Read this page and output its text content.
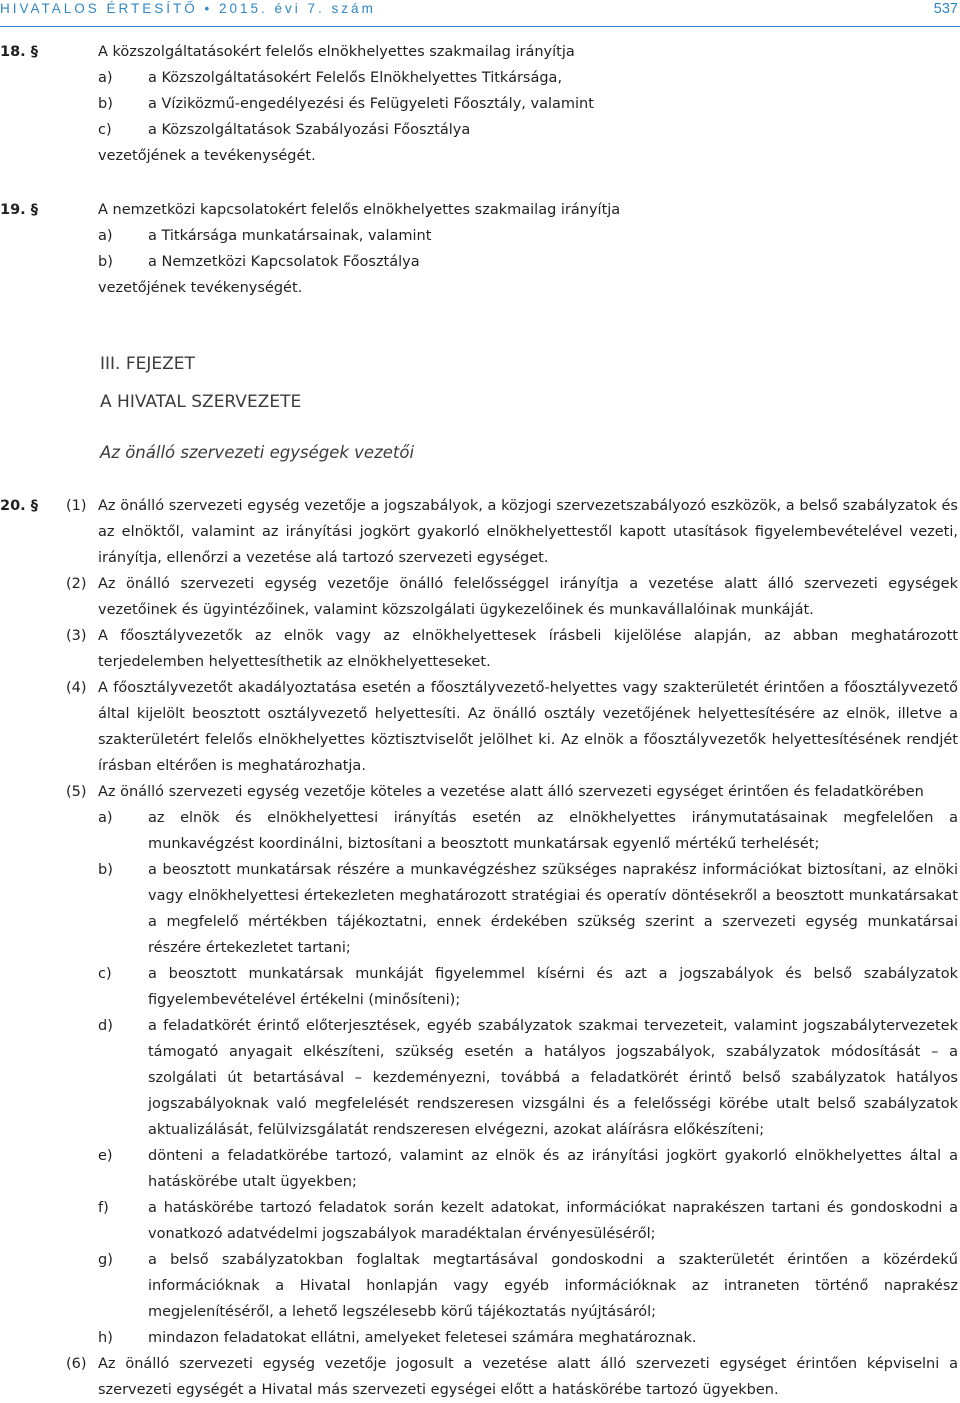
HIVATALOS ÉRTESÍTŐ • 2015. évi 7. szám	537
18. §	A közszolgáltatásokért felelős elnökhelyettes szakmailag irányítja
a) a Közszolgáltatásokért Felelős Elnökhelyettes Titkársága,
b) a Víziközmű-engedélyezési és Felügyeleti Főosztály, valamint
c)	a Közszolgáltatások Szabályozási Főosztálya
vezetőjének a tevékenységét.
19. §	A nemzetközi kapcsolatokért felelős elnökhelyettes szakmailag irányítja
a) a Titkársága munkatársainak, valamint
b) a Nemzetközi Kapcsolatok Főosztálya
vezetőjének tevékenységét.
III. FEJEZET
A HIVATAL SZERVEZETE
Az önálló szervezeti egységek vezetői
20. § (1) Az önálló szervezeti egység vezetője a jogszabályok, a közjogi szervezetszabályozó eszközök, a belső szabályzatok és az elnöktől, valamint az irányítási jogkört gyakorló elnökhelyettestől kapott utasítások figyelembevételével vezeti, irányítja, ellenőrzi a vezetése alá tartozó szervezeti egységet.
(2) Az önálló szervezeti egység vezetője önálló felelősséggel irányítja a vezetése alatt álló szervezeti egységek vezetőinek és ügyintézőinek, valamint közszolgálati ügykezelőinek és munkavállalóinak munkáját.
(3) A főosztályvezetők az elnök vagy az elnökhelyettesek írásbeli kijelölése alapján, az abban meghatározott terjedelemben helyettesíthetik az elnökhelyetteseket.
(4) A főosztályvezetőt akadályoztatása esetén a főosztályvezető-helyettes vagy szakterületét érintően a főosztályvezető által kijelölt beosztott osztályvezető helyettesíti. Az önálló osztály vezetőjének helyettesítésére az elnök, illetve a szakterületért felelős elnökhelyettes köztisztviselőt jelölhet ki. Az elnök a főosztályvezetők helyettesítésének rendjét írásban eltérően is meghatározhatja.
(5) Az önálló szervezeti egység vezetője köteles a vezetése alatt álló szervezeti egységet érintően és feladatkörében
a) az elnök és elnökhelyettesi irányítás esetén az elnökhelyettes iránymutatásainak megfelelően a munkavégzést koordinálni, biztosítani a beosztott munkatársak egyenlő mértékű terhelését;
b) a beosztott munkatársak részére a munkavégzéshez szükséges naprakész információkat biztosítani, az elnöki vagy elnökhelyettesi értekezleten meghatározott stratégiai és operatív döntésekről a beosztott munkatársakat a megfelelő mértékben tájékoztatni, ennek érdekében szükség szerint a szervezeti egység munkatársai részére értekezletet tartani;
c)	a beosztott munkatársak munkáját figyelemmel kísérni és azt a jogszabályok és belső szabályzatok figyelembevételével értékelni (minősíteni);
d) a feladatkörét érintő előterjesztések, egyéb szabályzatok szakmai tervezeteit, valamint jogszabálytervezetek támogató anyagait elkészíteni, szükség esetén a hatályos jogszabályok, szabályzatok módosítását – a szolgálati út betartásával – kezdeményezni, továbbá a feladatkörét érintő belső szabályzatok hatályos jogszabályoknak való megfelelését rendszeresen vizsgálni és a felelősségi körébe utalt belső szabályzatok aktualizálását, felülvizsgálatát rendszeresen elvégezni, azokat aláírásra előkészíteni;
e) dönteni a feladatkörébe tartozó, valamint az elnök és az irányítási jogkört gyakorló elnökhelyettes által a hatáskörébe utalt ügyekben;
f)	a hatáskörébe tartozó feladatok során kezelt adatokat, információkat naprakészen tartani és gondoskodni a vonatkozó adatvédelmi jogszabályok maradéktalan érvényesüléséről;
g) a belső szabályzatokban foglaltak megtartásával gondoskodni a szakterületét érintően a közérdekű információknak a Hivatal honlapján vagy egyéb információknak az intraneten történő naprakész megjelenítéséről, a lehető legszélesebb körű tájékoztatás nyújtásáról;
h) mindazon feladatokat ellátni, amelyeket feletesei számára meghatároznak.
(6) Az önálló szervezeti egység vezetője jogosult a vezetése alatt álló szervezeti egységet érintően képviselni a szervezeti egységét a Hivatal más szervezeti egységei előtt a hatáskörébe tartozó ügyekben.
